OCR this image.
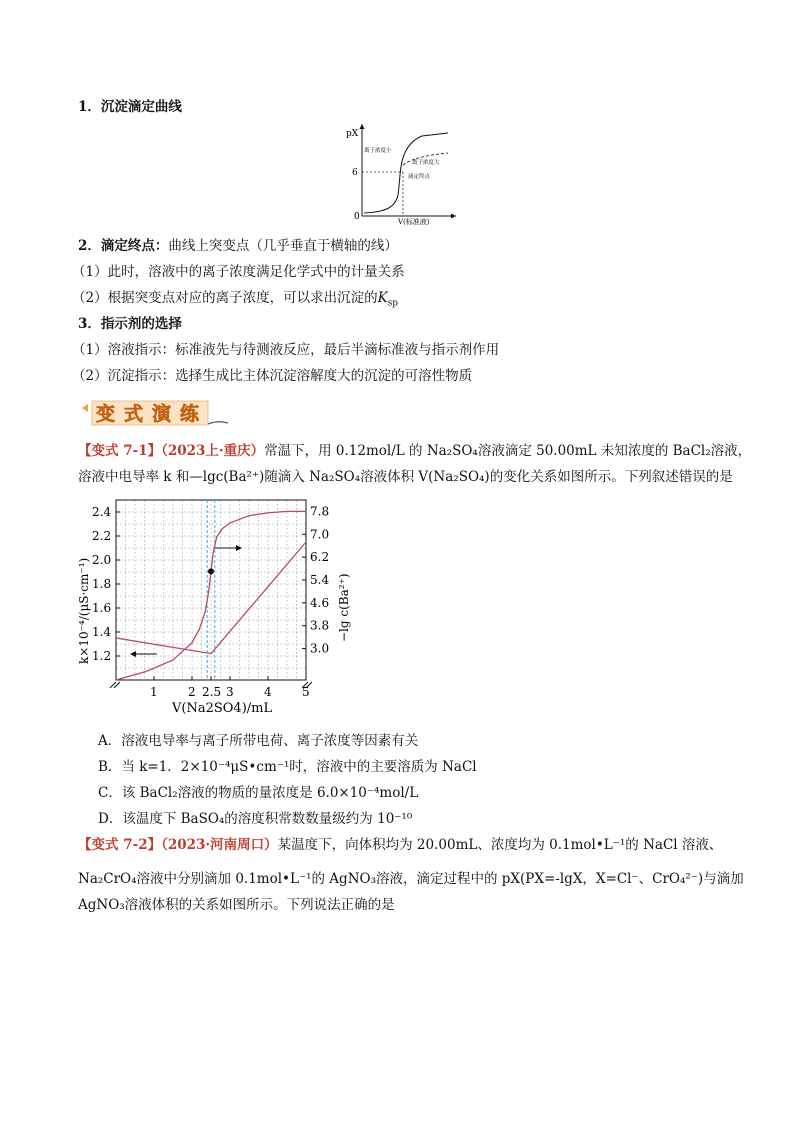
1．沉淀滴定曲线
pX
6
0
离子浓度小
离子浓度大
滴定终点
V(标准液)
2．滴定终点：曲线上突变点（几乎垂直于横轴的线）
（1）此时，溶液中的离子浓度满足化学式中的计量关系
（2）根据突变点对应的离子浓度，可以求出沉淀的$K_{sp}$
3．指示剂的选择
（1）溶液指示：标准液先与待测液反应，最后半滴标准液与指示剂作用
（2）沉淀指示：选择生成比主体沉淀溶解度大的沉淀的可溶性物质
变 式 演 练
【变式 7-1】（2023上·重庆）常温下，用 0.12mol/L 的 Na₂SO₄溶液滴定 50.00mL 未知浓度的 BaCl₂溶液，
溶液中电导率 k 和—lgc(Ba²⁺)随滴入 Na₂SO₄溶液体积 V(Na₂SO₄)的变化关系如图所示。下列叙述错误的是
1.2
1.4
1.6
1.8
2.0
2.2
2.4
3.0
3.8
4.6
5.4
6.2
7.0
7.8
1	2 2.5 3	4	5
V(Na2SO4)/mL
k×10⁻⁴/(μS·cm⁻¹)	−lg c(Ba²⁺)
A．溶液电导率与离子所带电荷、离子浓度等因素有关
B．当 k=1．2×10⁻⁴μS•cm⁻¹时，溶液中的主要溶质为 NaCl
C．该 BaCl₂溶液的物质的量浓度是 6.0×10⁻⁴mol/L
D．该温度下 BaSO₄的溶度积常数数量级约为 10⁻¹⁰
【变式 7-2】（2023·河南周口）某温度下，向体积均为 20.00mL、浓度均为 0.1mol•L⁻¹的 NaCl 溶液、
Na₂CrO₄溶液中分别滴加 0.1mol•L⁻¹的 AgNO₃溶液，滴定过程中的 pX(PX=-lgX，X=Cl⁻、CrO₄²⁻)与滴加
AgNO₃溶液体积的关系如图所示。下列说法正确的是
